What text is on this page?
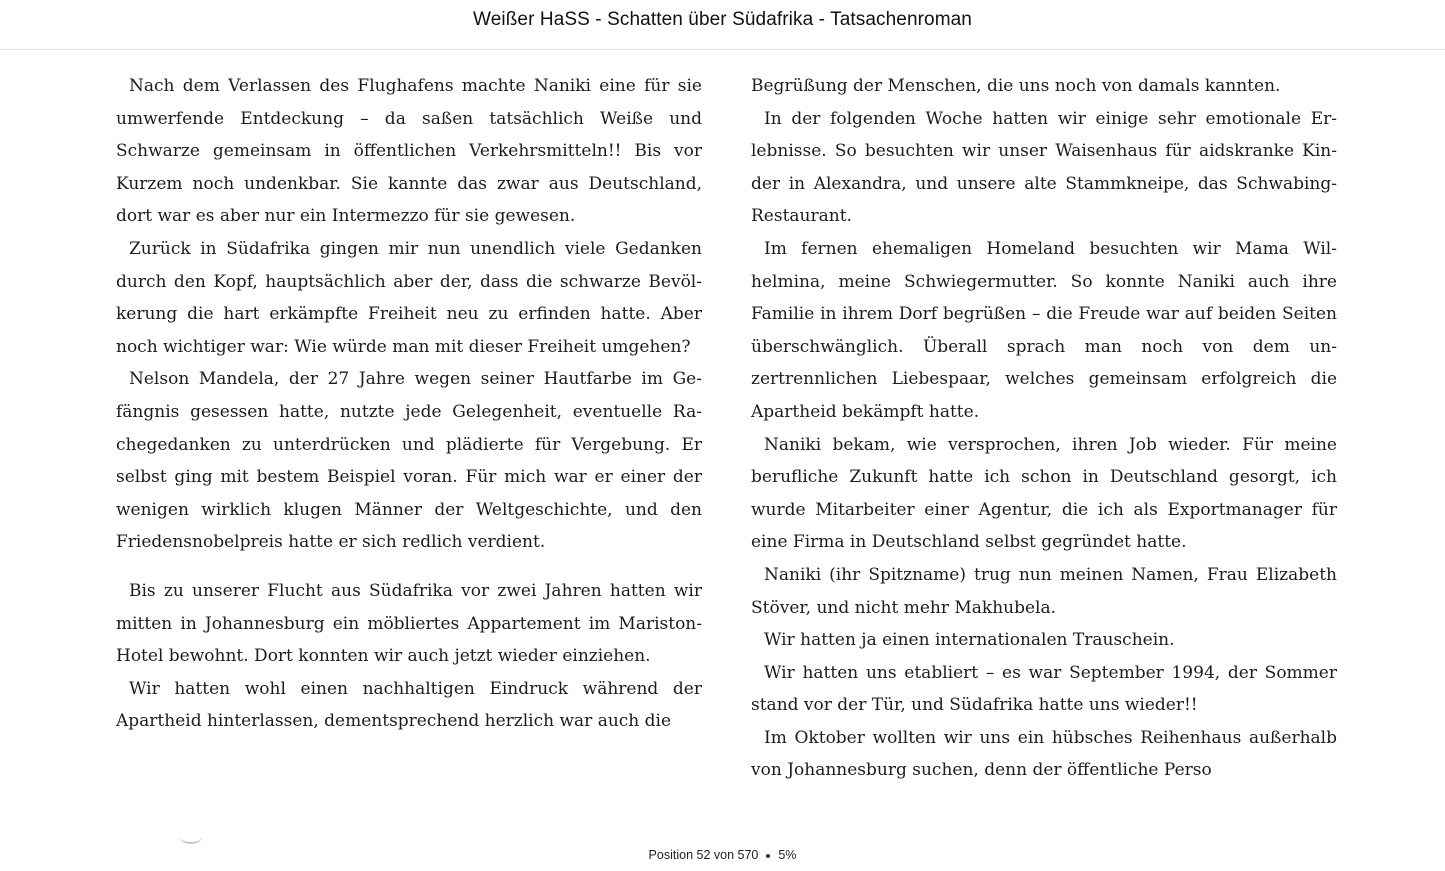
Weißer HaSS - Schatten über Südafrika - Tatsachenroman

Nach dem Verlassen des Flughafens machte Naniki eine für sie umwerfende Entdeckung – da saßen tatsächlich Weiße und Schwarze gemeinsam in öffentlichen Verkehrsmitteln!! Bis vor Kurzem noch undenkbar. Sie kannte das zwar aus Deutschland, dort war es aber nur ein Intermezzo für sie gewesen.

Zurück in Südafrika gingen mir nun unendlich viele Gedanken durch den Kopf, hauptsächlich aber der, dass die schwarze Bevölkerung die hart erkämpfte Freiheit neu zu erfinden hatte. Aber noch wichtiger war: Wie würde man mit dieser Freiheit umgehen?

Nelson Mandela, der 27 Jahre wegen seiner Hautfarbe im Gefängnis gesessen hatte, nutzte jede Gelegenheit, eventuelle Rachegedanken zu unterdrücken und plädierte für Vergebung. Er selbst ging mit bestem Beispiel voran. Für mich war er einer der wenigen wirklich klugen Männer der Weltgeschichte, und den Friedensnobelpreis hatte er sich redlich verdient.

Bis zu unserer Flucht aus Südafrika vor zwei Jahren hatten wir mitten in Johannesburg ein möbliertes Appartement im Mariston-Hotel bewohnt. Dort konnten wir auch jetzt wieder einziehen.

Wir hatten wohl einen nachhaltigen Eindruck während der Apartheid hinterlassen, dementsprechend herzlich war auch die

Begrüßung der Menschen, die uns noch von damals kannten.

In der folgenden Woche hatten wir einige sehr emotionale Erlebnisse. So besuchten wir unser Waisenhaus für aidskranke Kinder in Alexandra, und unsere alte Stammkneipe, das Schwabing-Restaurant.

Im fernen ehemaligen Homeland besuchten wir Mama Wilhelmina, meine Schwiegermutter. So konnte Naniki auch ihre Familie in ihrem Dorf begrüßen – die Freude war auf beiden Seiten überschwänglich. Überall sprach man noch von dem unzertrennlichen Liebespaar, welches gemeinsam erfolgreich die Apartheid bekämpft hatte.

Naniki bekam, wie versprochen, ihren Job wieder. Für meine berufliche Zukunft hatte ich schon in Deutschland gesorgt, ich wurde Mitarbeiter einer Agentur, die ich als Exportmanager für eine Firma in Deutschland selbst gegründet hatte.

Naniki (ihr Spitzname) trug nun meinen Namen, Frau Elizabeth Stöver, und nicht mehr Makhubela.

Wir hatten ja einen internationalen Trauschein.

Wir hatten uns etabliert – es war September 1994, der Sommer stand vor der Tür, und Südafrika hatte uns wieder!!

Im Oktober wollten wir uns ein hübsches Reihenhaus außerhalb von Johannesburg suchen, denn der öffentliche Perso

Position 52 von 570 5%
